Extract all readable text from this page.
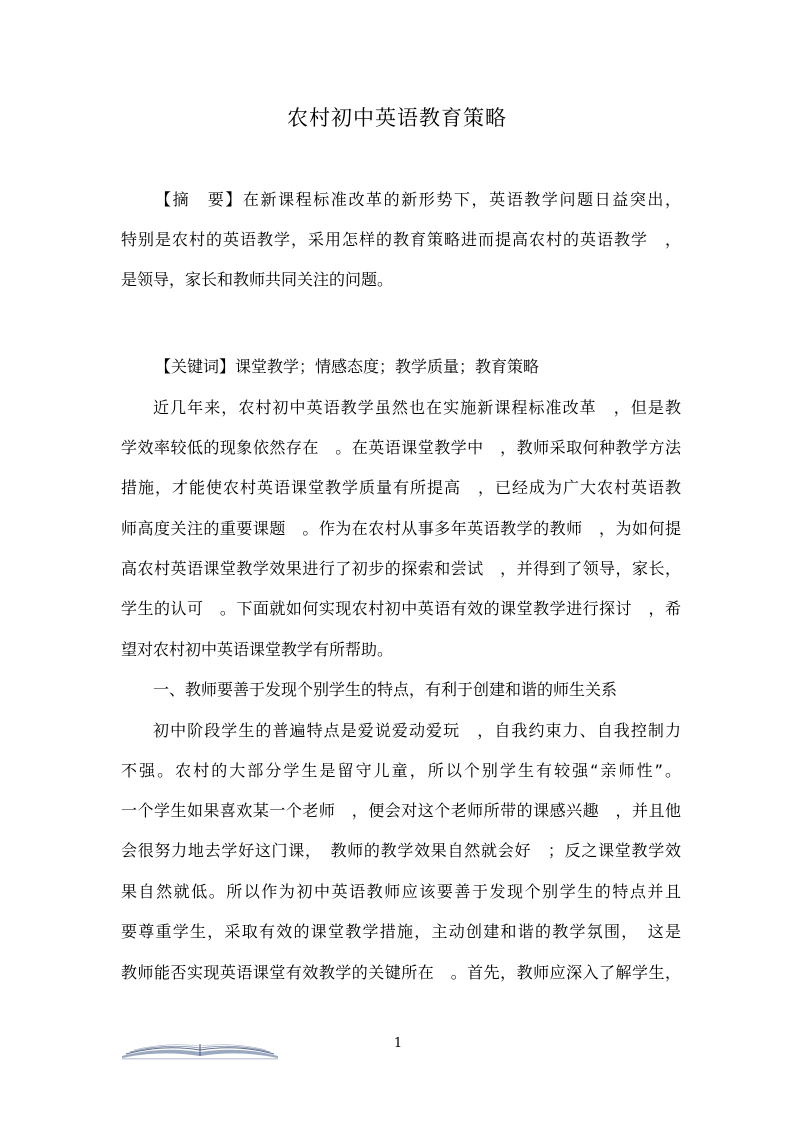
农村初中英语教育策略
【摘　要】在新课程标准改革的新形势下，英语教学问题日益突出，
特别是农村的英语教学，采用怎样的教育策略进而提高农村的英语教学　，
是领导，家长和教师共同关注的问题。
【关键词】课堂教学；情感态度；教学质量；教育策略
近几年来，农村初中英语教学虽然也在实施新课程标准改革　，但是教
学效率较低的现象依然存在　。在英语课堂教学中　，教师采取何种教学方法
措施，才能使农村英语课堂教学质量有所提高　，已经成为广大农村英语教
师高度关注的重要课题　。作为在农村从事多年英语教学的教师　，为如何提
高农村英语课堂教学效果进行了初步的探索和尝试　，并得到了领导，家长，
学生的认可　。下面就如何实现农村初中英语有效的课堂教学进行探讨　，希
望对农村初中英语课堂教学有所帮助。
一、教师要善于发现个别学生的特点，有利于创建和谐的师生关系
初中阶段学生的普遍特点是爱说爱动爱玩　，自我约束力、自我控制力
不强。农村的大部分学生是留守儿童，所以个别学生有较强“亲师性”。
一个学生如果喜欢某一个老师　，便会对这个老师所带的课感兴趣　，并且他
会很努力地去学好这门课，　教师的教学效果自然就会好　；反之课堂教学效
果自然就低。所以作为初中英语教师应该要善于发现个别学生的特点并且
要尊重学生，采取有效的课堂教学措施，主动创建和谐的教学氛围，　这是
教师能否实现英语课堂有效教学的关键所在　。首先，教师应深入了解学生，
1
